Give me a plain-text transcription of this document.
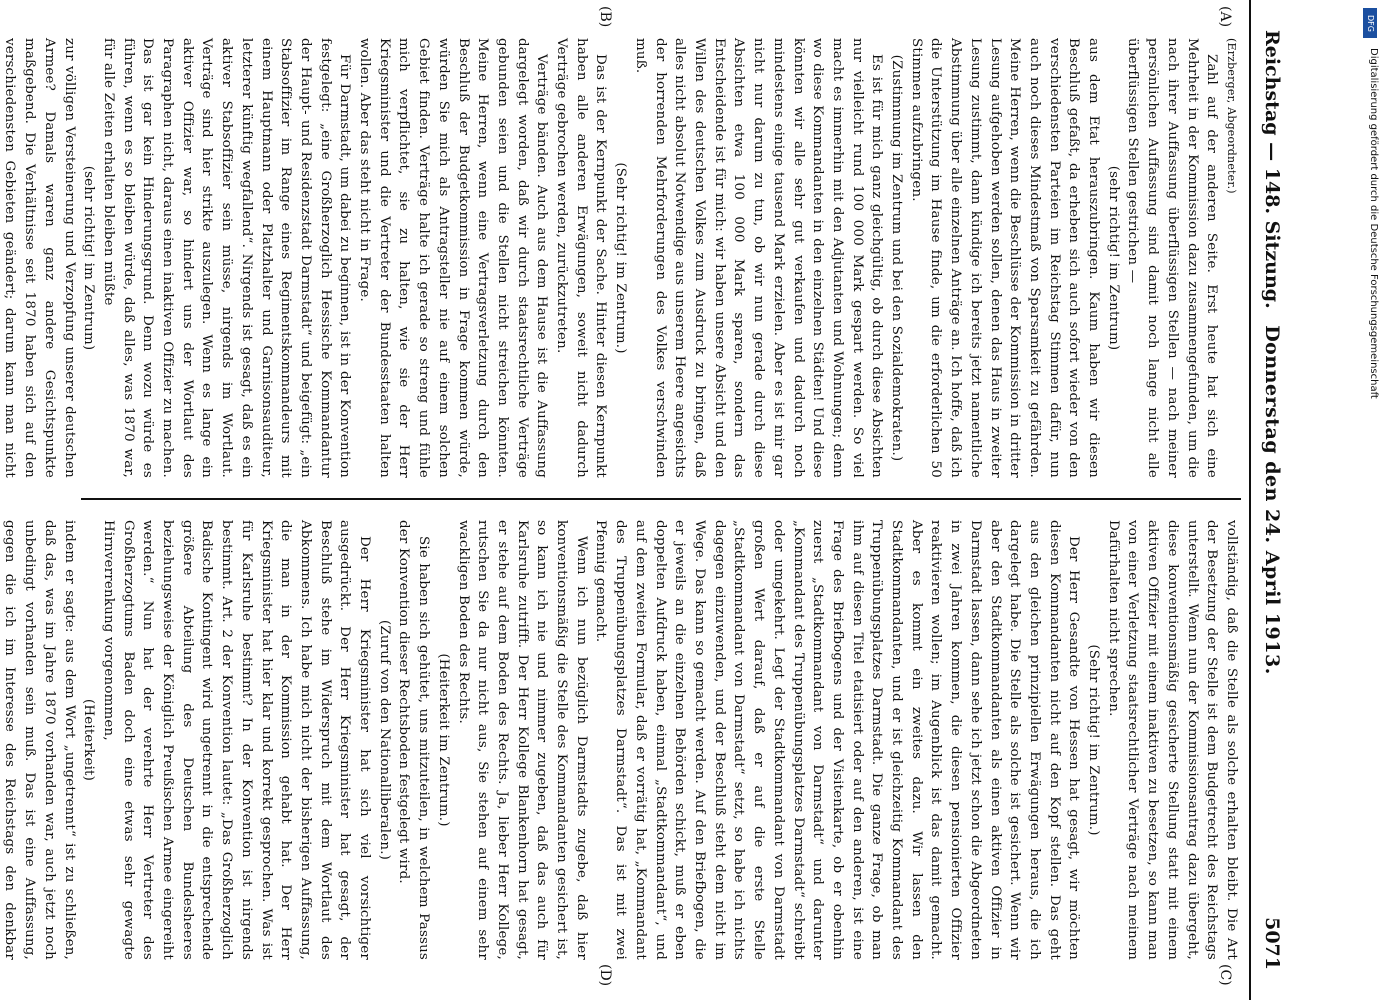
Reichstag — 148. Sitzung.
Donnerstag den 24. April 1913.
5071
(A)
(B)
(C)
(D)

(Erzberger, Abgeordneter.)

Zahl auf der anderen Seite. Erst heute hat sich eine Mehrheit in der Kommission dazu zusammengefunden, um die nach ihrer Auffassung überflüssigen Stellen — nach meiner persönlichen Auffassung sind damit noch lange nicht alle überflüssigen Stellen gestrichen —

(sehr richtig! im Zentrum)

aus dem Etat herauszubringen. Kaum haben wir diesen Beschluß gefaßt, da erheben sich auch sofort wieder von den verschiedensten Parteien im Reichstag Stimmen dafür, nun auch noch dieses Mindestmaß von Sparsamkeit zu gefährden. Meine Herren, wenn die Beschlüsse der Kommission in dritter Lesung aufgehoben werden sollen, denen das Haus in zweiter Lesung zustimmt, dann kündige ich bereits jetzt namentliche Abstimmung über alle einzelnen Anträge an. Ich hoffe, daß ich die Unterstützung im Hause finde, um die erforderlichen 50 Stimmen aufzubringen.

(Zustimmung im Zentrum und bei den Sozialdemokraten.)

Es ist für mich ganz gleichgültig, ob durch diese Absichten nur vielleicht rund 100 000 Mark gespart werden. So viel macht es immerhin mit den Adjutanten und Wohnungen; denn wo diese Kommandanten in den einzelnen Städten! Und diese könnten wir alle sehr gut verkaufen und dadurch noch mindestens einige tausend Mark erzielen. Aber es ist mir gar nicht nur darum zu tun, ob wir nun gerade durch diese Absichten etwa 100 000 Mark sparen, sondern das Entscheidende ist für mich: wir haben unsere Absicht und den Willen des deutschen Volkes zum Ausdruck zu bringen, daß alles nicht absolut Notwendige aus unserem Heere angesichts der horrenden Mehrforderungen des Volkes verschwinden muß.

(Sehr richtig! im Zentrum.)

Das ist der Kernpunkt der Sache. Hinter diesen Kernpunkt haben alle anderen Erwägungen, soweit nicht dadurch Verträge gebrochen werden, zurückzutreten.

Verträge bänden. Auch aus dem Hause ist die Auffassung dargelegt worden, daß wir durch staatsrechtliche Verträge gebunden seien und die Stellen nicht streichen könnten. Meine Herren, wenn eine Vertragsverletzung durch den Beschluß der Budgetkommission in Frage kommen würde, würden Sie mich als Antragsteller nie auf einem solchen Gebiet finden. Verträge halte ich gerade so streng und fühle mich verpflichtet, sie zu halten, wie sie der Herr Kriegsminister und die Vertreter der Bundesstaaten halten wollen. Aber das steht nicht in Frage.

Für Darmstadt, um dabei zu beginnen, ist in der Konvention festgelegt: „eine Großherzoglich Hessische Kommandantur der Haupt- und Residenzstadt Darmstadt“ und beigefügt: „ein Stabsoffizier im Range eines Regimentskommandeurs mit einem Hauptmann oder Platzhalter und Garnisonsauditeur, letzterer künftig wegfallend“. Nirgends ist gesagt, daß es ein aktiver Stabsoffizier sein müsse, nirgends im Wortlaut. Verträge sind hier strikte auszulegen. Wenn es lange ein aktiver Offizier war, so hindert uns der Wortlaut des Paragraphen nicht, daraus einen inaktiven Offizier zu machen. Das ist gar kein Hinderungsgrund. Denn wozu würde es führen, wenn es so bleiben würde, daß alles, was 1870 war, für alle Zeiten erhalten bleiben müßte

(sehr richtig! im Zentrum)

zur völligen Versteinerung und Verzopfung unserer deutschen Armee? Damals waren ganz andere Gesichtspunkte maßgebend. Die Verhältnisse seit 1870 haben sich auf den verschiedensten Gebieten geändert; darum kann man nicht

vollständig, daß die Stelle als solche erhalten bleibt. Die Art der Besetzung der Stelle ist dem Budgetrecht des Reichstags unterstellt. Wenn nun der Kommissionsantrag dazu übergeht, diese konventionsmäßig gesicherte Stellung statt mit einem aktiven Offizier mit einem inaktiven zu besetzen, so kann man von einer Verletzung staatsrechtlicher Verträge nach meinem Dafürhalten nicht sprechen.

(Sehr richtig! im Zentrum.)

Der Herr Gesandte von Hessen hat gesagt, wir möchten diesen Kommandanten nicht auf den Kopf stellen. Das geht aus den gleichen prinzipiellen Erwägungen heraus, die ich dargelegt habe. Die Stelle als solche ist gesichert. Wenn wir aber den Stadtkommandanten als einen aktiven Offizier in Darmstadt lassen, dann sehe ich jetzt schon die Abgeordneten in zwei Jahren kommen, die diesen pensionierten Offizier reaktivieren wollen; im Augenblick ist das damit gemacht. Aber es kommt ein zweites dazu. Wir lassen den Stadtkommandanten, und er ist gleichzeitig Kommandant des Truppenübungsplatzes Darmstadt. Die ganze Frage, ob man ihm auf diesen Titel etatisiert oder auf den anderen, ist eine Frage des Briefbogens und der Visitenkarte, ob er obenhin zuerst „Stadtkommandant von Darmstadt“ und darunter „Kommandant des Truppenübungsplatzes Darmstadt“ schreibt oder umgekehrt. Legt der Stadtkommandant von Darmstadt großen Wert darauf, daß er auf die erste Stelle „Stadtkommandant von Darmstadt“ setzt, so habe ich nichts dagegen einzuwenden, und der Beschluß steht dem nicht im Wege. Das kann so gemacht werden. Auf den Briefbogen, die er jeweils an die einzelnen Behörden schickt, muß er eben doppelten Aufdruck haben, einmal „Stadtkommandant“, und auf dem zweiten Formular, daß er vorrätig hat, „Kommandant des Truppenübungsplatzes Darmstadt“. Das ist mit zwei Pfennig gemacht.

Wenn ich nun bezüglich Darmstadts zugebe, daß hier konventionsmäßig die Stelle des Kommandanten gesichert ist, so kann ich nie und nimmer zugeben, daß das auch für Karlsruhe zutrifft. Der Herr Kollege Blankenhorn hat gesagt, er stehe auf dem Boden des Rechts. Ja, lieber Herr Kollege, rutschen Sie da nur nicht aus, Sie stehen auf einem sehr wackligen Boden des Rechts.

(Heiterkeit im Zentrum.)

Sie haben sich gehütet, uns mitzuteilen, in welchem Passus der Konvention dieser Rechtsboden festgelegt wird.

(Zuruf von den Nationalliberalen.)

Der Herr Kriegsminister hat sich viel vorsichtiger ausgedrückt. Der Herr Kriegsminister hat gesagt, der Beschluß stehe im Widerspruch mit dem Wortlaut des Abkommens. Ich habe mich nicht der bisherigen Auffassung, die man in der Kommission gehabt hat. Der Herr Kriegsminister hat hier klar und korrekt gesprochen. Was ist für Karlsruhe bestimmt? In der Konvention ist nirgends bestimmt. Art. 2 der Konvention lautet: „Das Großherzoglich Badische Kontingent wird ungetrennt in die entsprechende größere Abteilung des Deutschen Bundesheeres beziehungsweise der Königlich Preußischen Armee eingereiht werden.“ Nun hat der verehrte Herr Vertreter des Großherzogtums Baden doch eine etwas sehr gewagte Hirnverrenkung vorgenommen,

(Heiterkeit)

indem er sagte: aus dem Wort „ungetrennt“ ist zu schließen, daß das, was im Jahre 1870 vorhanden war, auch jetzt noch unbedingt vorhanden sein muß. Das ist eine Auffassung, gegen die ich im Interesse des Reichstags den denkbar

DFG
Digitalisierung gefördert durch die Deutsche Forschungsgemeinschaft
